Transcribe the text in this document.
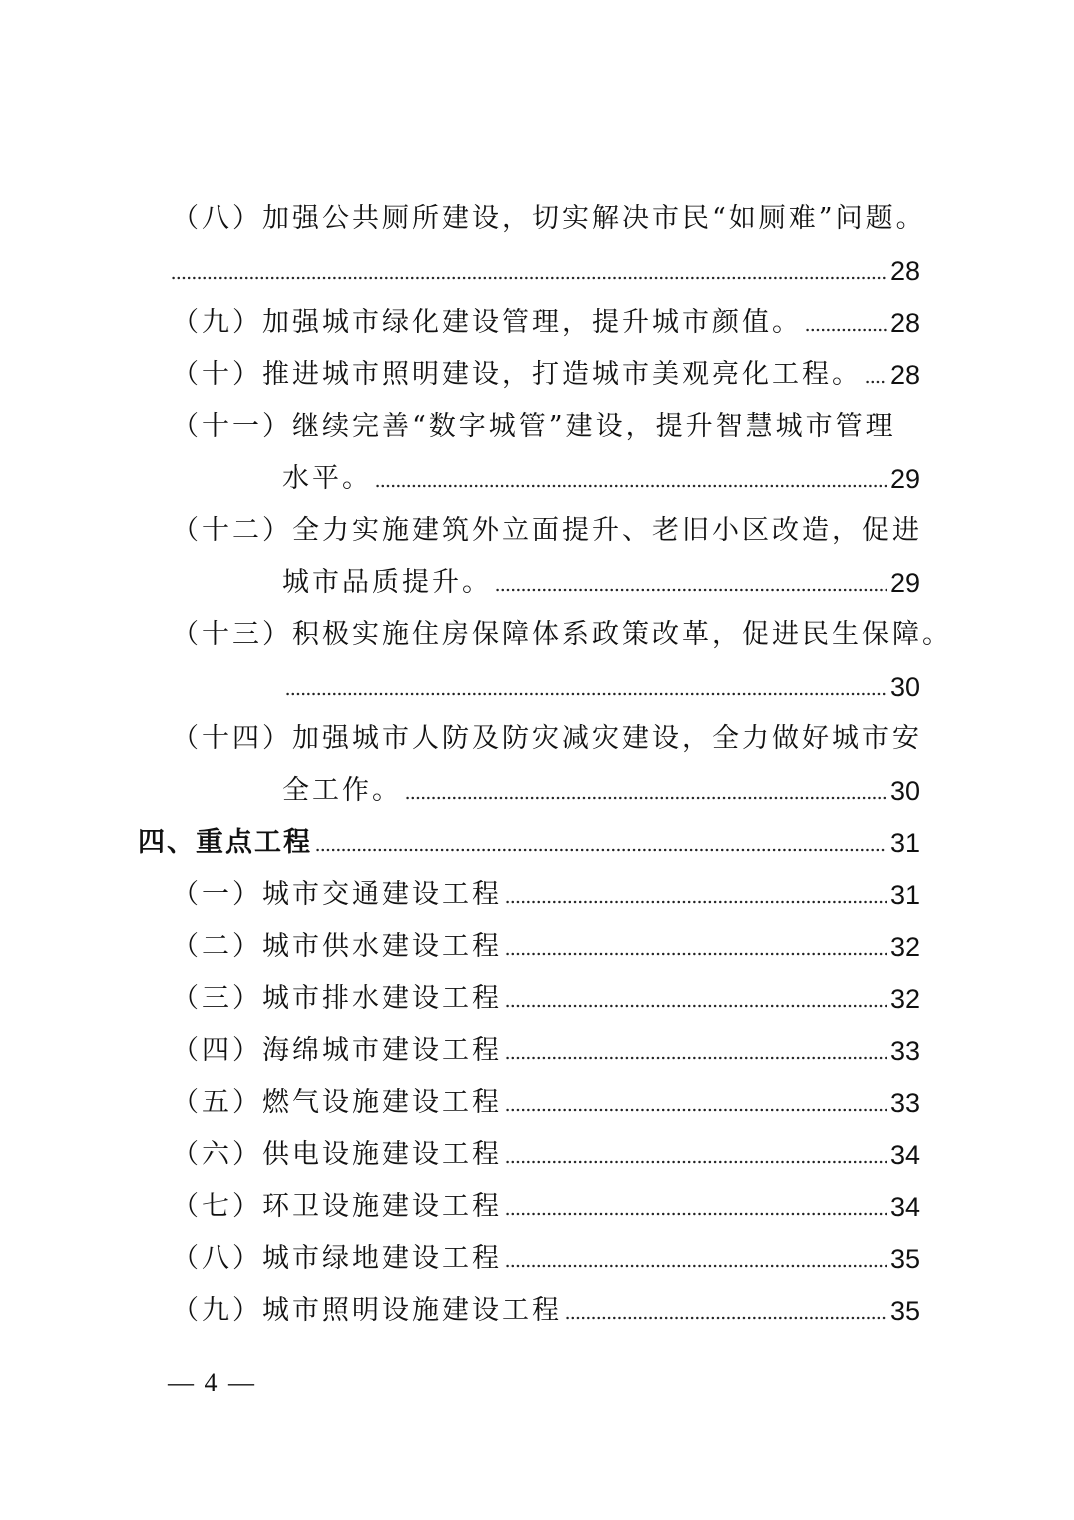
（八）加强公共厕所建设，切实解决市民“如厕难”问题。
28
（九）加强城市绿化建设管理，提升城市颜值。	28
（十）推进城市照明建设，打造城市美观亮化工程。 28
（十一）继续完善“数字城管”建设，提升智慧城市管理
水平。	29
（十二）全力实施建筑外立面提升、老旧小区改造，促进
城市品质提升。	29
（十三）积极实施住房保障体系政策改革，促进民生保障。
30
（十四）加强城市人防及防灾减灾建设，全力做好城市安
全工作。	30
四、重点工程	31
（一）城市交通建设工程	31
（二）城市供水建设工程	32
（三）城市排水建设工程	32
（四）海绵城市建设工程	33
（五）燃气设施建设工程	33
（六）供电设施建设工程	34
（七）环卫设施建设工程	34
（八）城市绿地建设工程	35
（九）城市照明设施建设工程	35
— 4 —
